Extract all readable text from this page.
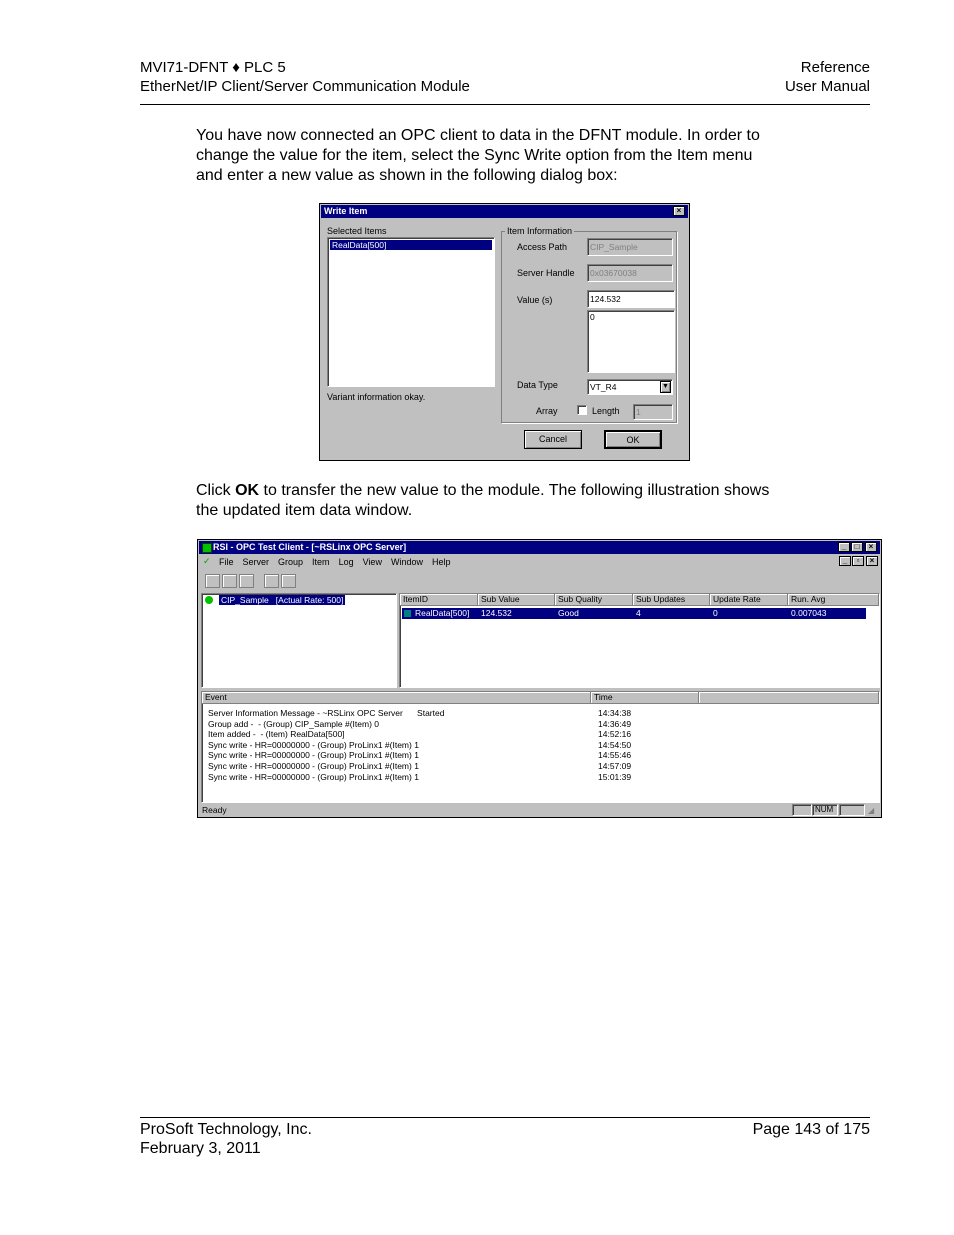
MVI71-DFNT ♦ PLC 5
EtherNet/IP Client/Server Communication Module
Reference
User Manual
You have now connected an OPC client to data in the DFNT module. In order to
change the value for the item, select the Sync Write option from the Item menu
and enter a new value as shown in the following dialog box:
Write Item	×
Selected Items
RealData[500]
Variant information okay.
Item Information
Access Path	CIP_Sample
Server Handle	0x03670038
Value (s)	124.532
0
Data Type	VT_R4	▼
Array	Length	1
Cancel	OK
Click OK to transfer the new value to the module. The following illustration shows
the updated item data window.
RSI - OPC Test Client - [~RSLinx OPC Server]	_	□	×
✓ File Server Group Item Log View Window Help	_	▫	×
CIP_Sample   [Actual Rate: 500]	ItemID	Sub Value	Sub Quality	Sub Updates	Update Rate	Run. Avg
RealData[500]	124.532	Good	4	0	0.007043
Event	Time
Server Information Message - ~RSLinx OPC Server      Started	14:34:38
Group add -  - (Group) CIP_Sample #(Item) 0	14:36:49
Item added -  - (Item) RealData[500]	14:52:16
Sync write - HR=00000000 - (Group) ProLinx1 #(Item) 1	14:54:50
Sync write - HR=00000000 - (Group) ProLinx1 #(Item) 1	14:55:46
Sync write - HR=00000000 - (Group) ProLinx1 #(Item) 1	14:57:09
Sync write - HR=00000000 - (Group) ProLinx1 #(Item) 1	15:01:39
Ready	NUM	◢
ProSoft Technology, Inc.
February 3, 2011
Page 143 of 175
